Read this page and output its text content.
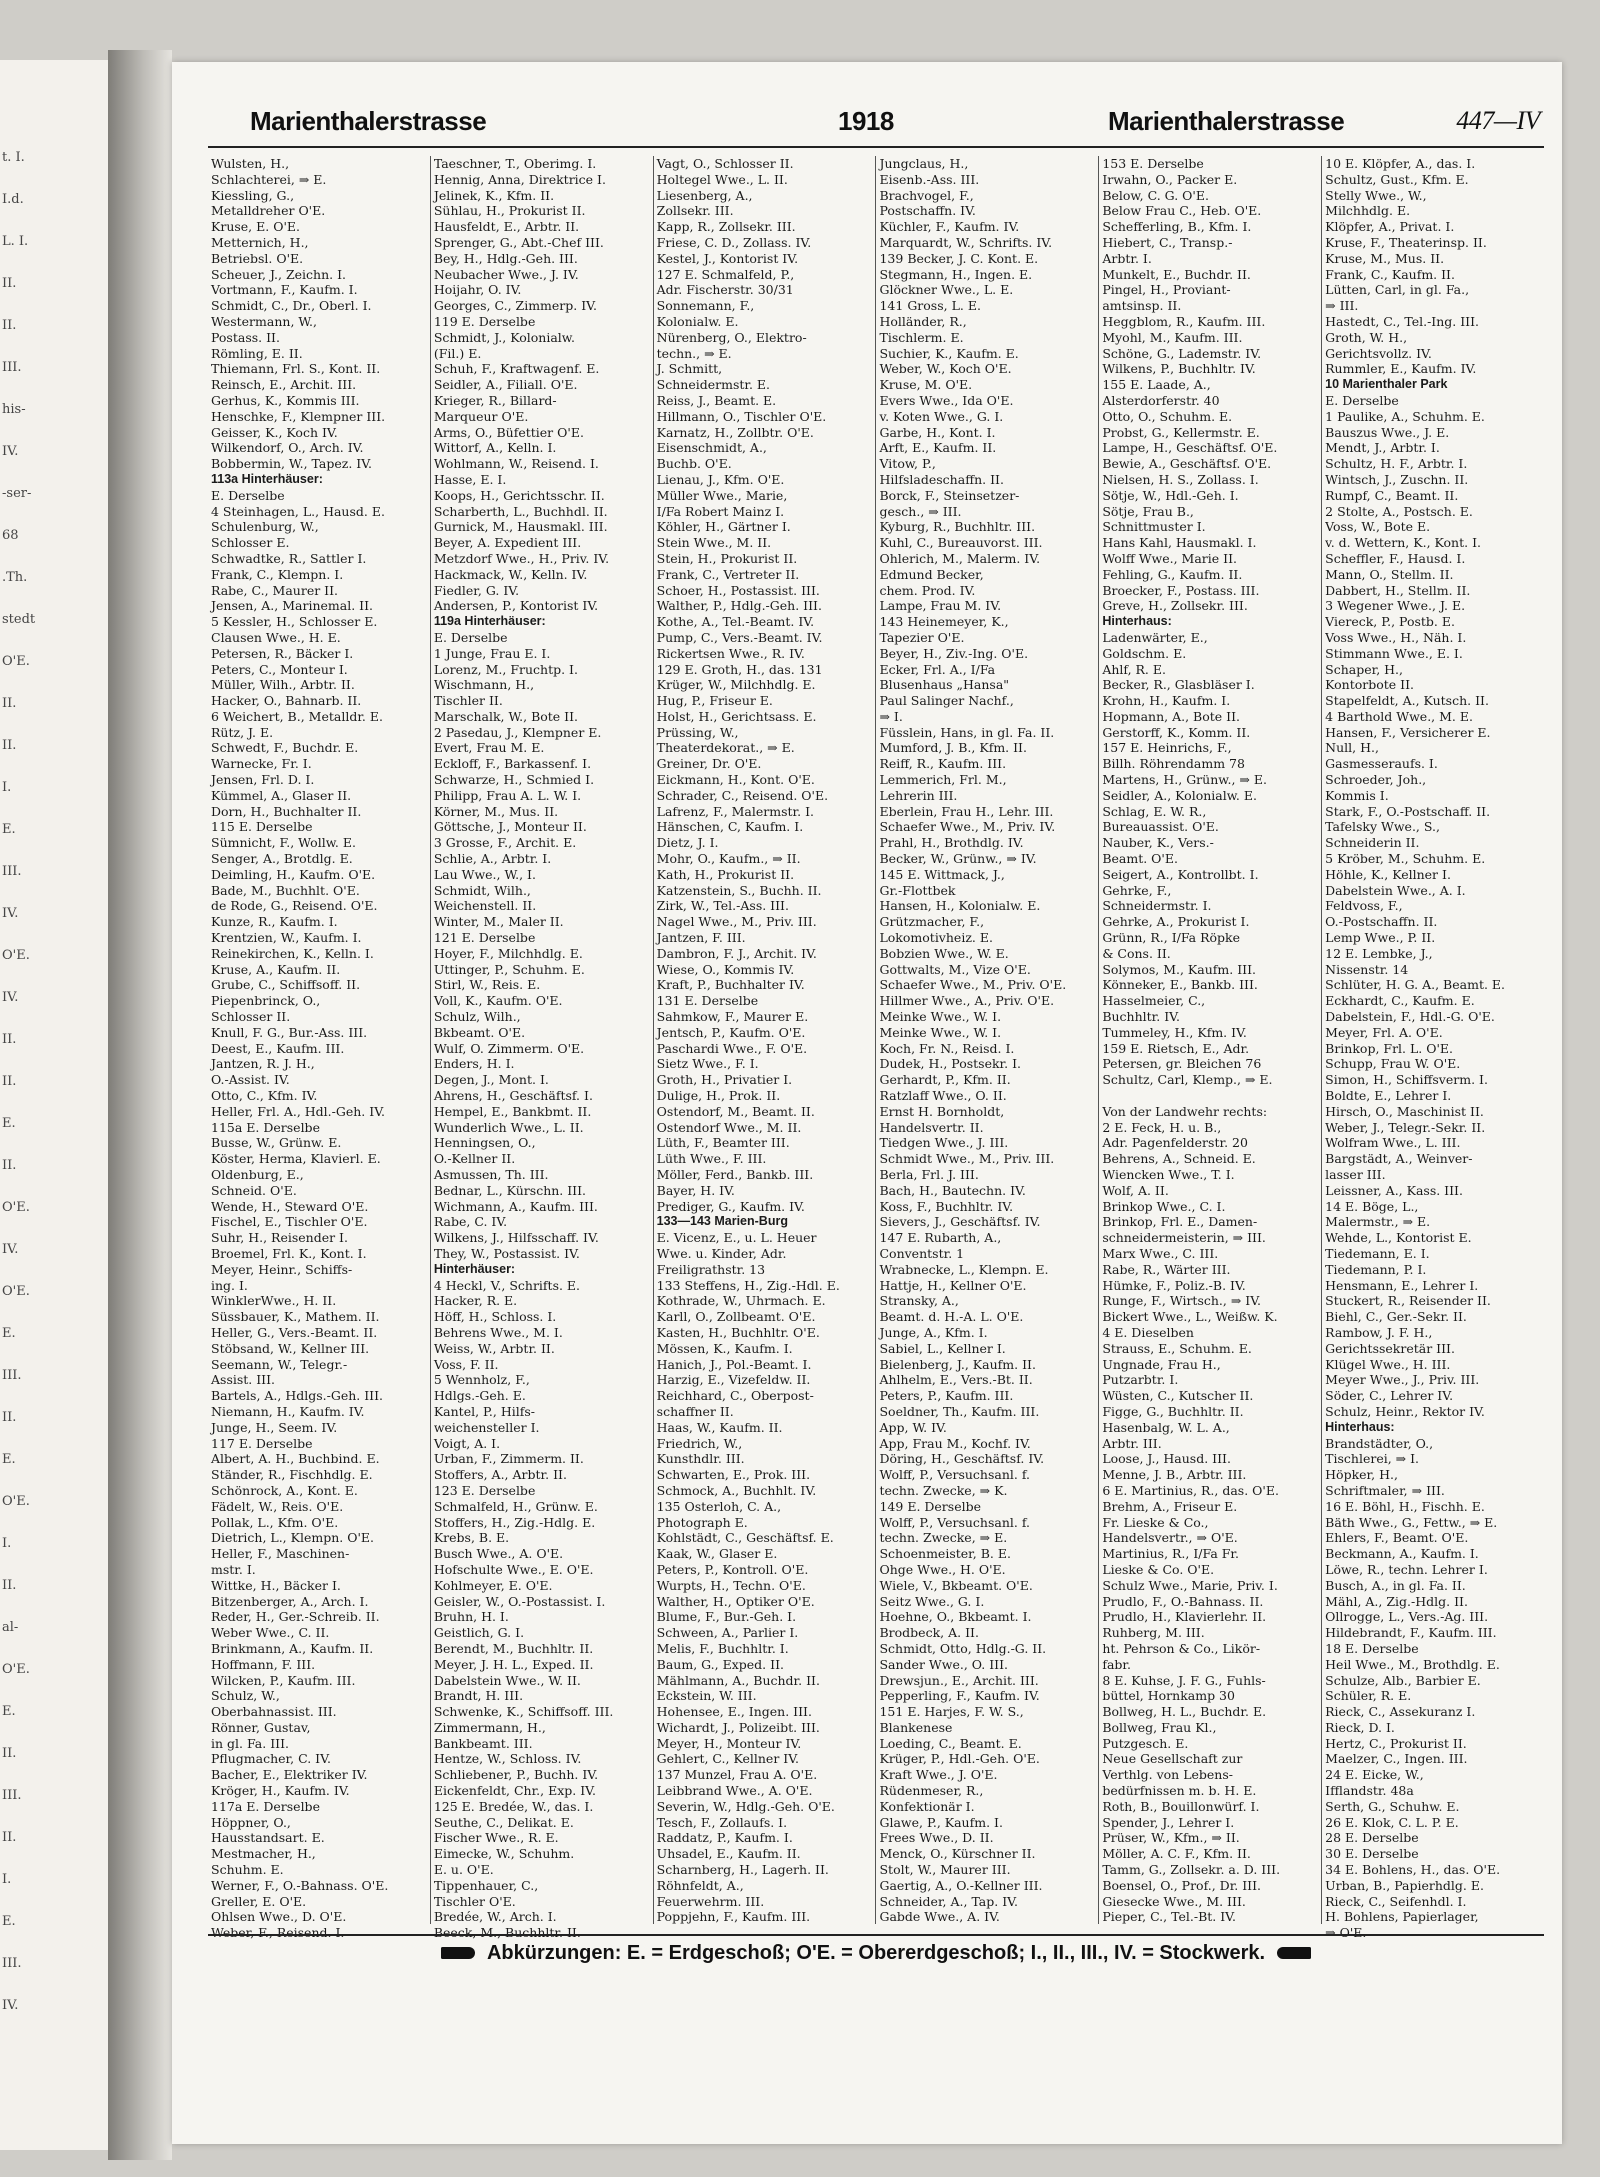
t. I.
I.d.
L. I.
II.
II.
III.
his-
IV.
-ser-
68
.Th.
stedt
O'E.
II.
II.
I.
E.
III.
IV.
O'E.
IV.
II.
II.
E.
II.
O'E.
IV.
O'E.
E.
III.
II.
E.
O'E.
I.
II.
al-
O'E.
E.
II.
III.
II.
I.
E.
III.
IV.
Marienthalerstrasse	1918	Marienthalerstrasse	447—IV
Wulsten, H.,
Schlachterei, ⇒ E.
Kiessling, G.,
Metalldreher O'E.
Kruse, E. O'E.
Metternich, H.,
Betriebsl. O'E.
Scheuer, J., Zeichn. I.
Vortmann, F., Kaufm. I.
Schmidt, C., Dr., Oberl. I.
Westermann, W.,
Postass. II.
Römling, E. II.
Thiemann, Frl. S., Kont. II.
Reinsch, E., Archit. III.
Gerhus, K., Kommis III.
Henschke, F., Klempner III.
Geisser, K., Koch IV.
Wilkendorf, O., Arch. IV.
Bobbermin, W., Tapez. IV.
113a Hinterhäuser:
E. Derselbe
4 Steinhagen, L., Hausd. E.
Schulenburg, W.,
Schlosser E.
Schwadtke, R., Sattler I.
Frank, C., Klempn. I.
Rabe, C., Maurer II.
Jensen, A., Marinemal. II.
5 Kessler, H., Schlosser E.
Clausen Wwe., H. E.
Petersen, R., Bäcker I.
Peters, C., Monteur I.
Müller, Wilh., Arbtr. II.
Hacker, O., Bahnarb. II.
6 Weichert, B., Metalldr. E.
Rütz, J. E.
Schwedt, F., Buchdr. E.
Warnecke, Fr. I.
Jensen, Frl. D. I.
Kümmel, A., Glaser II.
Dorn, H., Buchhalter II.
115 E. Derselbe
Sümnicht, F., Wollw. E.
Senger, A., Brotdlg. E.
Deimling, H., Kaufm. O'E.
Bade, M., Buchhlt. O'E.
de Rode, G., Reisend. O'E.
Kunze, R., Kaufm. I.
Krentzien, W., Kaufm. I.
Reinekirchen, K., Kelln. I.
Kruse, A., Kaufm. II.
Grube, C., Schiffsoff. II.
Piepenbrinck, O.,
Schlosser II.
Knull, F. G., Bur.-Ass. III.
Deest, E., Kaufm. III.
Jantzen, R. J. H.,
O.-Assist. IV.
Otto, C., Kfm. IV.
Heller, Frl. A., Hdl.-Geh. IV.
115a E. Derselbe
Busse, W., Grünw. E.
Köster, Herma, Klavierl. E.
Oldenburg, E.,
Schneid. O'E.
Wende, H., Steward O'E.
Fischel, E., Tischler O'E.
Suhr, H., Reisender I.
Broemel, Frl. K., Kont. I.
Meyer, Heinr., Schiffs-
ing. I.
WinklerWwe., H. II.
Süssbauer, K., Mathem. II.
Heller, G., Vers.-Beamt. II.
Stöbsand, W., Kellner III.
Seemann, W., Telegr.-
Assist. III.
Bartels, A., Hdlgs.-Geh. III.
Niemann, H., Kaufm. IV.
Junge, H., Seem. IV.
117 E. Derselbe
Albert, A. H., Buchbind. E.
Ständer, R., Fischhdlg. E.
Schönrock, A., Kont. E.
Fädelt, W., Reis. O'E.
Pollak, L., Kfm. O'E.
Dietrich, L., Klempn. O'E.
Heller, F., Maschinen-
mstr. I.
Wittke, H., Bäcker I.
Bitzenberger, A., Arch. I.
Reder, H., Ger.-Schreib. II.
Weber Wwe., C. II.
Brinkmann, A., Kaufm. II.
Hoffmann, F. III.
Wilcken, P., Kaufm. III.
Schulz, W.,
Oberbahnassist. III.
Rönner, Gustav,
in gl. Fa. III.
Pflugmacher, C. IV.
Bacher, E., Elektriker IV.
Kröger, H., Kaufm. IV.
117a E. Derselbe
Höppner, O.,
Hausstandsart. E.
Mestmacher, H.,
Schuhm. E.
Werner, F., O.-Bahnass. O'E.
Greller, E. O'E.
Ohlsen Wwe., D. O'E.
Weber, F., Reisend. I.
Taeschner, T., Oberimg. I.
Hennig, Anna, Direktrice I.
Jelinek, K., Kfm. II.
Sühlau, H., Prokurist II.
Hausfeldt, E., Arbtr. II.
Sprenger, G., Abt.-Chef III.
Bey, H., Hdlg.-Geh. III.
Neubacher Wwe., J. IV.
Hoijahr, O. IV.
Georges, C., Zimmerp. IV.
119 E. Derselbe
Schmidt, J., Kolonialw.
(Fil.) E.
Schuh, F., Kraftwagenf. E.
Seidler, A., Filiall. O'E.
Krieger, R., Billard-
Marqueur O'E.
Arms, O., Büfettier O'E.
Wittorf, A., Kelln. I.
Wohlmann, W., Reisend. I.
Hasse, E. I.
Koops, H., Gerichtsschr. II.
Scharberth, L., Buchhdl. II.
Gurnick, M., Hausmakl. III.
Beyer, A. Expedient III.
Metzdorf Wwe., H., Priv. IV.
Hackmack, W., Kelln. IV.
Fiedler, G. IV.
Andersen, P., Kontorist IV.
119a Hinterhäuser:
E. Derselbe
1 Junge, Frau E. I.
Lorenz, M., Fruchtp. I.
Wischmann, H.,
Tischler II.
Marschalk, W., Bote II.
2 Pasedau, J., Klempner E.
Evert, Frau M. E.
Eckloff, F., Barkassenf. I.
Schwarze, H., Schmied I.
Philipp, Frau A. L. W. I.
Körner, M., Mus. II.
Göttsche, J., Monteur II.
3 Grosse, F., Archit. E.
Schlie, A., Arbtr. I.
Lau Wwe., W., I.
Schmidt, Wilh.,
Weichenstell. II.
Winter, M., Maler II.
121 E. Derselbe
Hoyer, F., Milchhdlg. E.
Uttinger, P., Schuhm. E.
Stirl, W., Reis. E.
Voll, K., Kaufm. O'E.
Schulz, Wilh.,
Bkbeamt. O'E.
Wulf, O. Zimmerm. O'E.
Enders, H. I.
Degen, J., Mont. I.
Ahrens, H., Geschäftsf. I.
Hempel, E., Bankbmt. II.
Wunderlich Wwe., L. II.
Henningsen, O.,
O.-Kellner II.
Asmussen, Th. III.
Bednar, L., Kürschn. III.
Wichmann, A., Kaufm. III.
Rabe, C. IV.
Wilkens, J., Hilfsschaff. IV.
They, W., Postassist. IV.
Hinterhäuser:
4 Heckl, V., Schrifts. E.
Hacker, R. E.
Höff, H., Schloss. I.
Behrens Wwe., M. I.
Weiss, W., Arbtr. II.
Voss, F. II.
5 Wennholz, F.,
Hdlgs.-Geh. E.
Kantel, P., Hilfs-
weichensteller I.
Voigt, A. I.
Urban, F., Zimmerm. II.
Stoffers, A., Arbtr. II.
123 E. Derselbe
Schmalfeld, H., Grünw. E.
Stoffers, H., Zig.-Hdlg. E.
Krebs, B. E.
Busch Wwe., A. O'E.
Hofschulte Wwe., E. O'E.
Kohlmeyer, E. O'E.
Geisler, W., O.-Postassist. I.
Bruhn, H. I.
Geistlich, G. I.
Berendt, M., Buchhltr. II.
Meyer, J. H. L., Exped. II.
Dabelstein Wwe., W. II.
Brandt, H. III.
Schwenke, K., Schiffsoff. III.
Zimmermann, H.,
Bankbeamt. III.
Hentze, W., Schloss. IV.
Schliebener, P., Buchh. IV.
Eickenfeldt, Chr., Exp. IV.
125 E. Bredée, W., das. I.
Seuthe, C., Delikat. E.
Fischer Wwe., R. E.
Eimecke, W., Schuhm.
E. u. O'E.
Tippenhauer, C.,
Tischler O'E.
Bredée, W., Arch. I.
Beeck, M., Buchhltr. II.
Vagt, O., Schlosser II.
Holtegel Wwe., L. II.
Liesenberg, A.,
Zollsekr. III.
Kapp, R., Zollsekr. III.
Friese, C. D., Zollass. IV.
Kestel, J., Kontorist IV.
127 E. Schmalfeld, P.,
Adr. Fischerstr. 30/31
Sonnemann, F.,
Kolonialw. E.
Nürenberg, O., Elektro-
techn., ⇒ E.
J. Schmitt,
Schneidermstr. E.
Reiss, J., Beamt. E.
Hillmann, O., Tischler O'E.
Karnatz, H., Zollbtr. O'E.
Eisenschmidt, A.,
Buchb. O'E.
Lienau, J., Kfm. O'E.
Müller Wwe., Marie,
I/Fa Robert Mainz I.
Köhler, H., Gärtner I.
Stein Wwe., M. II.
Stein, H., Prokurist II.
Frank, C., Vertreter II.
Schoer, H., Postassist. III.
Walther, P., Hdlg.-Geh. III.
Kothe, A., Tel.-Beamt. IV.
Pump, C., Vers.-Beamt. IV.
Rickertsen Wwe., R. IV.
129 E. Groth, H., das. 131
Krüger, W., Milchhdlg. E.
Hug, P., Friseur E.
Holst, H., Gerichtsass. E.
Prüssing, W.,
Theaterdekorat., ⇒ E.
Greiner, Dr. O'E.
Eickmann, H., Kont. O'E.
Schrader, C., Reisend. O'E.
Lafrenz, F., Malermstr. I.
Hänschen, C, Kaufm. I.
Dietz, J. I.
Mohr, O., Kaufm., ⇒ II.
Kath, H., Prokurist II.
Katzenstein, S., Buchh. II.
Zirk, W., Tel.-Ass. III.
Nagel Wwe., M., Priv. III.
Jantzen, F. III.
Dambron, F. J., Archit. IV.
Wiese, O., Kommis IV.
Kraft, P., Buchhalter IV.
131 E. Derselbe
Sahmkow, F., Maurer E.
Jentsch, P., Kaufm. O'E.
Paschardi Wwe., F. O'E.
Sietz Wwe., F. I.
Groth, H., Privatier I.
Dulige, H., Prok. II.
Ostendorf, M., Beamt. II.
Ostendorf Wwe., M. II.
Lüth, F., Beamter III.
Lüth Wwe., F. III.
Möller, Ferd., Bankb. III.
Bayer, H. IV.
Prediger, G., Kaufm. IV.
133—143 Marien-Burg
E. Vicenz, E., u. L. Heuer
Wwe. u. Kinder, Adr.
Freiligrathstr. 13
133 Steffens, H., Zig.-Hdl. E.
Kothrade, W., Uhrmach. E.
Karll, O., Zollbeamt. O'E.
Kasten, H., Buchhltr. O'E.
Mössen, K., Kaufm. I.
Hanich, J., Pol.-Beamt. I.
Harzig, E., Vizefeldw. II.
Reichhard, C., Oberpost-
schaffner II.
Haas, W., Kaufm. II.
Friedrich, W.,
Kunsthdlr. III.
Schwarten, E., Prok. III.
Schmock, A., Buchhlt. IV.
135 Osterloh, C. A.,
Photograph E.
Kohlstädt, C., Geschäftsf. E.
Kaak, W., Glaser E.
Peters, P., Kontroll. O'E.
Wurpts, H., Techn. O'E.
Walther, H., Optiker O'E.
Blume, F., Bur.-Geh. I.
Schween, A., Parlier I.
Melis, F., Buchhltr. I.
Baum, G., Exped. II.
Mählmann, A., Buchdr. II.
Eckstein, W. III.
Hohensee, E., Ingen. III.
Wichardt, J., Polizeibt. III.
Meyer, H., Monteur IV.
Gehlert, C., Kellner IV.
137 Munzel, Frau A. O'E.
Leibbrand Wwe., A. O'E.
Severin, W., Hdlg.-Geh. O'E.
Tesch, F., Zollaufs. I.
Raddatz, P., Kaufm. I.
Uhsadel, E., Kaufm. II.
Scharnberg, H., Lagerh. II.
Röhnfeldt, A.,
Feuerwehrm. III.
Poppjehn, F., Kaufm. III.
Jungclaus, H.,
Eisenb.-Ass. III.
Brachvogel, F.,
Postschaffn. IV.
Küchler, F., Kaufm. IV.
Marquardt, W., Schrifts. IV.
139 Becker, J. C. Kont. E.
Stegmann, H., Ingen. E.
Glöckner Wwe., L. E.
141 Gross, L. E.
Holländer, R.,
Tischlerm. E.
Suchier, K., Kaufm. E.
Weber, W., Koch O'E.
Kruse, M. O'E.
Evers Wwe., Ida O'E.
v. Koten Wwe., G. I.
Garbe, H., Kont. I.
Arft, E., Kaufm. II.
Vitow, P.,
Hilfsladeschaffn. II.
Borck, F., Steinsetzer-
gesch., ⇒ III.
Kyburg, R., Buchhltr. III.
Kuhl, C., Bureauvorst. III.
Ohlerich, M., Malerm. IV.
Edmund Becker,
chem. Prod. IV.
Lampe, Frau M. IV.
143 Heinemeyer, K.,
Tapezier O'E.
Beyer, H., Ziv.-Ing. O'E.
Ecker, Frl. A., I/Fa
Blusenhaus „Hansa"
Paul Salinger Nachf.,
⇒ I.
Füsslein, Hans, in gl. Fa. II.
Mumford, J. B., Kfm. II.
Reiff, R., Kaufm. III.
Lemmerich, Frl. M.,
Lehrerin III.
Eberlein, Frau H., Lehr. III.
Schaefer Wwe., M., Priv. IV.
Prahl, H., Brothdlg. IV.
Becker, W., Grünw., ⇒ IV.
145 E. Wittmack, J.,
Gr.-Flottbek
Hansen, H., Kolonialw. E.
Grützmacher, F.,
Lokomotivheiz. E.
Bobzien Wwe., W. E.
Gottwalts, M., Vize O'E.
Schaefer Wwe., M., Priv. O'E.
Hillmer Wwe., A., Priv. O'E.
Meinke Wwe., W. I.
Meinke Wwe., W. I.
Koch, Fr. N., Reisd. I.
Dudek, H., Postsekr. I.
Gerhardt, P., Kfm. II.
Ratzlaff Wwe., O. II.
Ernst H. Bornholdt,
Handelsvertr. II.
Tiedgen Wwe., J. III.
Schmidt Wwe., M., Priv. III.
Berla, Frl. J. III.
Bach, H., Bautechn. IV.
Koss, F., Buchhltr. IV.
Sievers, J., Geschäftsf. IV.
147 E. Rubarth, A.,
Conventstr. 1
Wrabnecke, L., Klempn. E.
Hattje, H., Kellner O'E.
Stransky, A.,
Beamt. d. H.-A. L. O'E.
Junge, A., Kfm. I.
Sabiel, L., Kellner I.
Bielenberg, J., Kaufm. II.
Ahlhelm, E., Vers.-Bt. II.
Peters, P., Kaufm. III.
Soeldner, Th., Kaufm. III.
App, W. IV.
App, Frau M., Kochf. IV.
Döring, H., Geschäftsf. IV.
Wolff, P., Versuchsanl. f.
techn. Zwecke, ⇒ K.
149 E. Derselbe
Wolff, P., Versuchsanl. f.
techn. Zwecke, ⇒ E.
Schoenmeister, B. E.
Ohge Wwe., H. O'E.
Wiele, V., Bkbeamt. O'E.
Seitz Wwe., G. I.
Hoehne, O., Bkbeamt. I.
Brodbeck, A. II.
Schmidt, Otto, Hdlg.-G. II.
Sander Wwe., O. III.
Drewsjun., E., Archit. III.
Pepperling, F., Kaufm. IV.
151 E. Harjes, F. W. S.,
Blankenese
Loeding, C., Beamt. E.
Krüger, P., Hdl.-Geh. O'E.
Kraft Wwe., J. O'E.
Rüdenmeser, R.,
Konfektionär I.
Glawe, P., Kaufm. I.
Frees Wwe., D. II.
Menck, O., Kürschner II.
Stolt, W., Maurer III.
Gaertig, A., O.-Kellner III.
Schneider, A., Tap. IV.
Gabde Wwe., A. IV.
153 E. Derselbe
Irwahn, O., Packer E.
Below, C. G. O'E.
Below Frau C., Heb. O'E.
Schefferling, B., Kfm. I.
Hiebert, C., Transp.-
Arbtr. I.
Munkelt, E., Buchdr. II.
Pingel, H., Proviant-
amtsinsp. II.
Heggblom, R., Kaufm. III.
Myohl, M., Kaufm. III.
Schöne, G., Lademstr. IV.
Wilkens, P., Buchhltr. IV.
155 E. Laade, A.,
Alsterdorferstr. 40
Otto, O., Schuhm. E.
Probst, G., Kellermstr. E.
Lampe, H., Geschäftsf. O'E.
Bewie, A., Geschäftsf. O'E.
Nielsen, H. S., Zollass. I.
Sötje, W., Hdl.-Geh. I.
Sötje, Frau B.,
Schnittmuster I.
Hans Kahl, Hausmakl. I.
Wolff Wwe., Marie II.
Fehling, G., Kaufm. II.
Broecker, F., Postass. III.
Greve, H., Zollsekr. III.
Hinterhaus:
Ladenwärter, E.,
Goldschm. E.
Ahlf, R. E.
Becker, R., Glasbläser I.
Krohn, H., Kaufm. I.
Hopmann, A., Bote II.
Gerstorff, K., Komm. II.
157 E. Heinrichs, F.,
Billh. Röhrendamm 78
Martens, H., Grünw., ⇒ E.
Seidler, A., Kolonialw. E.
Schlag, E. W. R.,
Bureauassist. O'E.
Nauber, K., Vers.-
Beamt. O'E.
Seigert, A., Kontrollbt. I.
Gehrke, F.,
Schneidermstr. I.
Gehrke, A., Prokurist I.
Grünn, R., I/Fa Röpke
& Cons. II.
Solymos, M., Kaufm. III.
Könneker, E., Bankb. III.
Hasselmeier, C.,
Buchhltr. IV.
Tummeley, H., Kfm. IV.
159 E. Rietsch, E., Adr.
Petersen, gr. Bleichen 76
Schultz, Carl, Klemp., ⇒ E.
Von der Landwehr rechts:
2 E. Feck, H. u. B.,
Adr. Pagenfelderstr. 20
Behrens, A., Schneid. E.
Wiencken Wwe., T. I.
Wolf, A. II.
Brinkop Wwe., C. I.
Brinkop, Frl. E., Damen-
schneidermeisterin, ⇒ III.
Marx Wwe., C. III.
Rabe, R., Wärter III.
Hümke, F., Poliz.-B. IV.
Runge, F., Wirtsch., ⇒ IV.
Bickert Wwe., L., Weißw. K.
4 E. Dieselben
Strauss, E., Schuhm. E.
Ungnade, Frau H.,
Putzarbtr. I.
Wüsten, C., Kutscher II.
Figge, G., Buchhltr. II.
Hasenbalg, W. L. A.,
Arbtr. III.
Loose, J., Hausd. III.
Menne, J. B., Arbtr. III.
6 E. Martinius, R., das. O'E.
Brehm, A., Friseur E.
Fr. Lieske & Co.,
Handelsvertr., ⇒ O'E.
Martinius, R., I/Fa Fr.
Lieske & Co. O'E.
Schulz Wwe., Marie, Priv. I.
Prudlo, F., O.-Bahnass. II.
Prudlo, H., Klavierlehr. II.
Ruhberg, M. III.
ht. Pehrson & Co., Likör-
fabr.
8 E. Kuhse, J. F. G., Fuhls-
büttel, Hornkamp 30
Bollweg, H. L., Buchdr. E.
Bollweg, Frau Kl.,
Putzgesch. E.
Neue Gesellschaft zur
Verthlg. von Lebens-
bedürfnissen m. b. H. E.
Roth, B., Bouillonwürf. I.
Spender, J., Lehrer I.
Prüser, W., Kfm., ⇒ II.
Möller, A. C. F., Kfm. II.
Tamm, G., Zollsekr. a. D. III.
Boensel, O., Prof., Dr. III.
Giesecke Wwe., M. III.
Pieper, C., Tel.-Bt. IV.
10 E. Klöpfer, A., das. I.
Schultz, Gust., Kfm. E.
Stelly Wwe., W.,
Milchhdlg. E.
Klöpfer, A., Privat. I.
Kruse, F., Theaterinsp. II.
Kruse, M., Mus. II.
Frank, C., Kaufm. II.
Lütten, Carl, in gl. Fa.,
⇒ III.
Hastedt, C., Tel.-Ing. III.
Groth, W. H.,
Gerichtsvollz. IV.
Rummler, E., Kaufm. IV.
10 Marienthaler Park
E. Derselbe
1 Paulike, A., Schuhm. E.
Bauszus Wwe., J. E.
Mendt, J., Arbtr. I.
Schultz, H. F., Arbtr. I.
Wintsch, J., Zuschn. II.
Rumpf, C., Beamt. II.
2 Stolte, A., Postsch. E.
Voss, W., Bote E.
v. d. Wettern, K., Kont. I.
Scheffler, F., Hausd. I.
Mann, O., Stellm. II.
Dabbert, H., Stellm. II.
3 Wegener Wwe., J. E.
Viereck, P., Postb. E.
Voss Wwe., H., Näh. I.
Stimmann Wwe., E. I.
Schaper, H.,
Kontorbote II.
Stapelfeldt, A., Kutsch. II.
4 Barthold Wwe., M. E.
Hansen, F., Versicherer E.
Null, H.,
Gasmesseraufs. I.
Schroeder, Joh.,
Kommis I.
Stark, F., O.-Postschaff. II.
Tafelsky Wwe., S.,
Schneiderin II.
5 Kröber, M., Schuhm. E.
Höhle, K., Kellner I.
Dabelstein Wwe., A. I.
Feldvoss, F.,
O.-Postschaffn. II.
Lemp Wwe., P. II.
12 E. Lembke, J.,
Nissenstr. 14
Schlüter, H. G. A., Beamt. E.
Eckhardt, C., Kaufm. E.
Dabelstein, F., Hdl.-G. O'E.
Meyer, Frl. A. O'E.
Brinkop, Frl. L. O'E.
Schupp, Frau W. O'E.
Simon, H., Schiffsverm. I.
Boldte, E., Lehrer I.
Hirsch, O., Maschinist II.
Weber, J., Telegr.-Sekr. II.
Wolfram Wwe., L. III.
Bargstädt, A., Weinver-
lasser III.
Leissner, A., Kass. III.
14 E. Böge, L.,
Malermstr., ⇒ E.
Wehde, L., Kontorist E.
Tiedemann, E. I.
Tiedemann, P. I.
Hensmann, E., Lehrer I.
Stuckert, R., Reisender II.
Biehl, C., Ger.-Sekr. II.
Rambow, J. F. H.,
Gerichtssekretär III.
Klügel Wwe., H. III.
Meyer Wwe., J., Priv. III.
Söder, C., Lehrer IV.
Schulz, Heinr., Rektor IV.
Hinterhaus:
Brandstädter, O.,
Tischlerei, ⇒ I.
Höpker, H.,
Schriftmaler, ⇒ III.
16 E. Böhl, H., Fischh. E.
Bäth Wwe., G., Fettw., ⇒ E.
Ehlers, F., Beamt. O'E.
Beckmann, A., Kaufm. I.
Löwe, R., techn. Lehrer I.
Busch, A., in gl. Fa. II.
Mähl, A., Zig.-Hdlg. II.
Ollrogge, L., Vers.-Ag. III.
Hildebrandt, F., Kaufm. III.
18 E. Derselbe
Heil Wwe., M., Brothdlg. E.
Schulze, Alb., Barbier E.
Schüler, R. E.
Rieck, C., Assekuranz I.
Rieck, D. I.
Hertz, C., Prokurist II.
Maelzer, C., Ingen. III.
24 E. Eicke, W.,
Ifflandstr. 48a
Serth, G., Schuhw. E.
26 E. Klok, C. L. P. E.
28 E. Derselbe
30 E. Derselbe
34 E. Bohlens, H., das. O'E.
Urban, B., Papierhdlg. E.
Rieck, C., Seifenhdl. I.
H. Bohlens, Papierlager,
⇒ O'E.
Abkürzungen: E. = Erdgeschoß; O'E. = Obererdgeschoß; I., II., III., IV. = Stockwerk.
